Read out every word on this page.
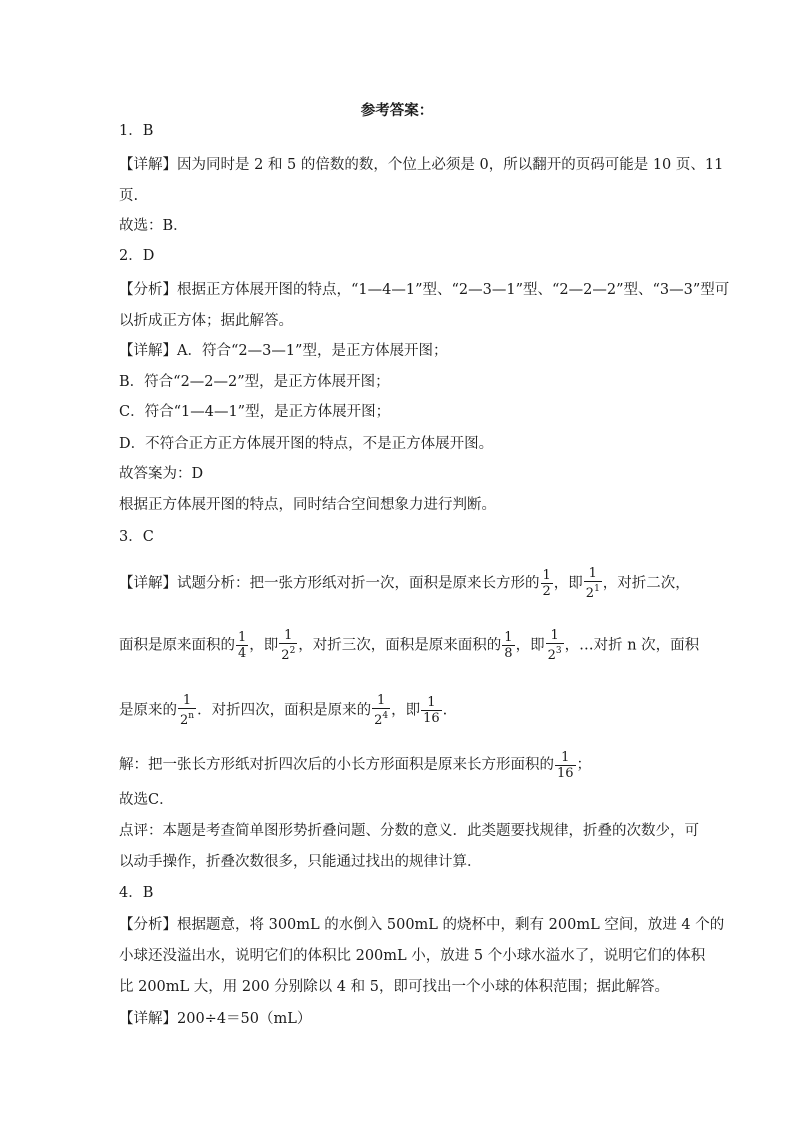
参考答案：
1．B
【详解】因为同时是 2 和 5 的倍数的数，个位上必须是 0，所以翻开的页码可能是 10 页、11
页.
故选：B．
2．D
【分析】根据正方体展开图的特点，“1—4—1”型、“2—3—1”型、“2—2—2”型、“3—3”型可
以折成正方体；据此解答。
【详解】A．符合“2—3—1”型，是正方体展开图；
B．符合“2—2—2”型，是正方体展开图；
C．符合“1—4—1”型，是正方体展开图；
D．不符合正方正方体展开图的特点，不是正方体展开图。
故答案为：D
根据正方体展开图的特点，同时结合空间想象力进行判断。
3．C
【详解】试题分析：把一张方形纸对折一次，面积是原来长方形的 $\frac{1}{2}$ ，即 $\frac{1}{2^1}$ ，对折二次，
面积是原来面积的 $\frac{1}{4}$ ，即 $\frac{1}{2^2}$ ，对折三次，面积是原来面积的 $\frac{1}{8}$ ，即 $\frac{1}{2^3}$ ，…对折 n 次，面积
是原来的 $\frac{1}{2^n}$ ．对折四次，面积是原来的 $\frac{1}{2^4}$ ，即 $\frac{1}{16}$ .
解：把一张长方形纸对折四次后的小长方形面积是原来长方形面积的 $\frac{1}{16}$ ；
故选C．
点评：本题是考查简单图形势折叠问题、分数的意义．此类题要找规律，折叠的次数少，可
以动手操作，折叠次数很多，只能通过找出的规律计算．
4．B
【分析】根据题意，将 300mL 的水倒入 500mL 的烧杯中，剩有 200mL 空间，放进 4 个的
小球还没溢出水，说明它们的体积比 200mL 小，放进 5 个小球水溢水了，说明它们的体积
比 200mL 大，用 200 分别除以 4 和 5，即可找出一个小球的体积范围；据此解答。
【详解】200÷4＝50（mL）
